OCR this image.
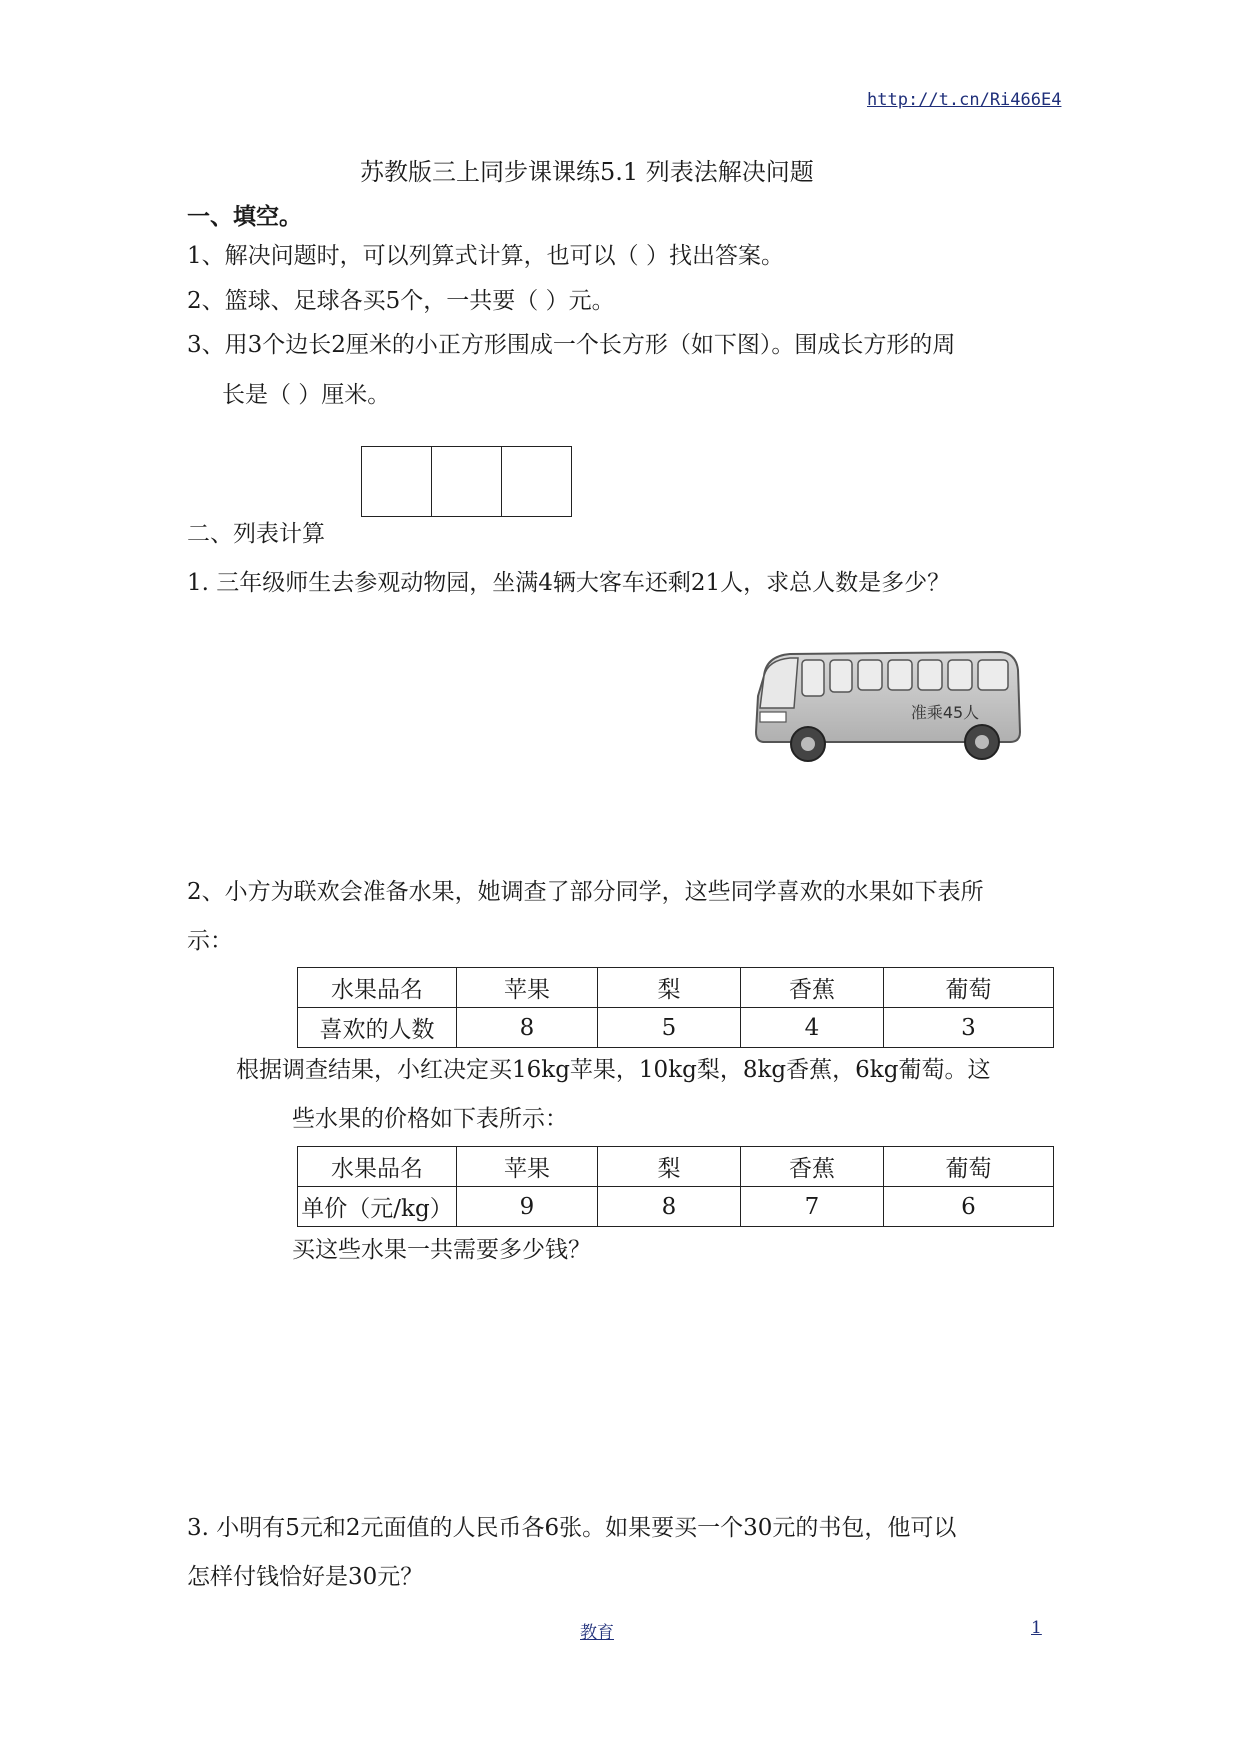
http://t.cn/Ri466E4
苏教版三上同步课课练5.1 列表法解决问题
一、填空。
1、解决问题时，可以列算式计算，也可以（ ）找出答案。
2、篮球、足球各买5个，一共要（ ）元。
3、用3个边长2厘米的小正方形围成一个长方形（如下图）。围成长方形的周
长是（ ）厘米。
二、列表计算
1. 三年级师生去参观动物园，坐满4辆大客车还剩21人，求总人数是多少？
准乘45人
2、小方为联欢会准备水果，她调查了部分同学，这些同学喜欢的水果如下表所
示：
水果品名	苹果	梨	香蕉	葡萄
喜欢的人数	8	5	4	3
根据调查结果，小红决定买16kg苹果，10kg梨，8kg香蕉，6kg葡萄。这
些水果的价格如下表所示：
水果品名	苹果	梨	香蕉	葡萄
单价（元/kg）	9	8	7	6
买这些水果一共需要多少钱？
3. 小明有5元和2元面值的人民币各6张。如果要买一个30元的书包，他可以
怎样付钱恰好是30元？
教育	1
